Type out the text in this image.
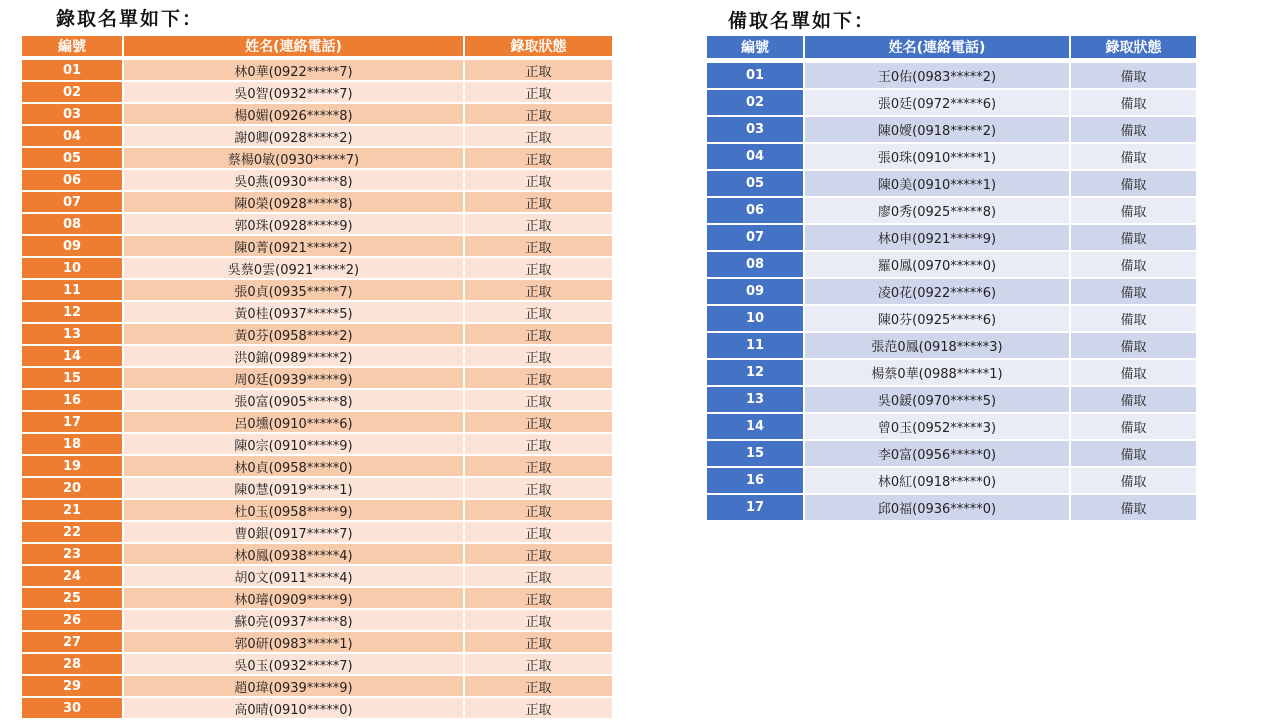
錄取名單如下：
編號	姓名(連絡電話)	錄取狀態

01	林0華(0922*****7)	正取
02	吳0智(0932*****7)	正取
03	楊0媚(0926*****8)	正取
04	謝0卿(0928*****2)	正取
05	蔡楊0敏(0930*****7)	正取
06	吳0燕(0930*****8)	正取
07	陳0榮(0928*****8)	正取
08	郭0珠(0928*****9)	正取
09	陳0菁(0921*****2)	正取
10	吳蔡0雲(0921*****2)	正取
11	張0貞(0935*****7)	正取
12	黃0桂(0937*****5)	正取
13	黃0芬(0958*****2)	正取
14	洪0錦(0989*****2)	正取
15	周0廷(0939*****9)	正取
16	張0富(0905*****8)	正取
17	呂0壎(0910*****6)	正取
18	陳0宗(0910*****9)	正取
19	林0貞(0958*****0)	正取
20	陳0慧(0919*****1)	正取
21	杜0玉(0958*****9)	正取
22	曹0銀(0917*****7)	正取
23	林0鳳(0938*****4)	正取
24	胡0文(0911*****4)	正取
25	林0璿(0909*****9)	正取
26	蘇0亮(0937*****8)	正取
27	郭0研(0983*****1)	正取
28	吳0玉(0932*****7)	正取
29	趙0瑋(0939*****9)	正取
30	高0晴(0910*****0)	正取
備取名單如下：
編號	姓名(連絡電話)	錄取狀態

01	王0佑(0983*****2)	備取
02	張0廷(0972*****6)	備取
03	陳0嬡(0918*****2)	備取
04	張0珠(0910*****1)	備取
05	陳0美(0910*****1)	備取
06	廖0秀(0925*****8)	備取
07	林0申(0921*****9)	備取
08	羅0鳳(0970*****0)	備取
09	凌0花(0922*****6)	備取
10	陳0芬(0925*****6)	備取
11	張范0鳳(0918*****3)	備取
12	楊蔡0華(0988*****1)	備取
13	吳0鍰(0970*****5)	備取
14	曾0玉(0952*****3)	備取
15	李0富(0956*****0)	備取
16	林0紅(0918*****0)	備取
17	邱0福(0936*****0)	備取
